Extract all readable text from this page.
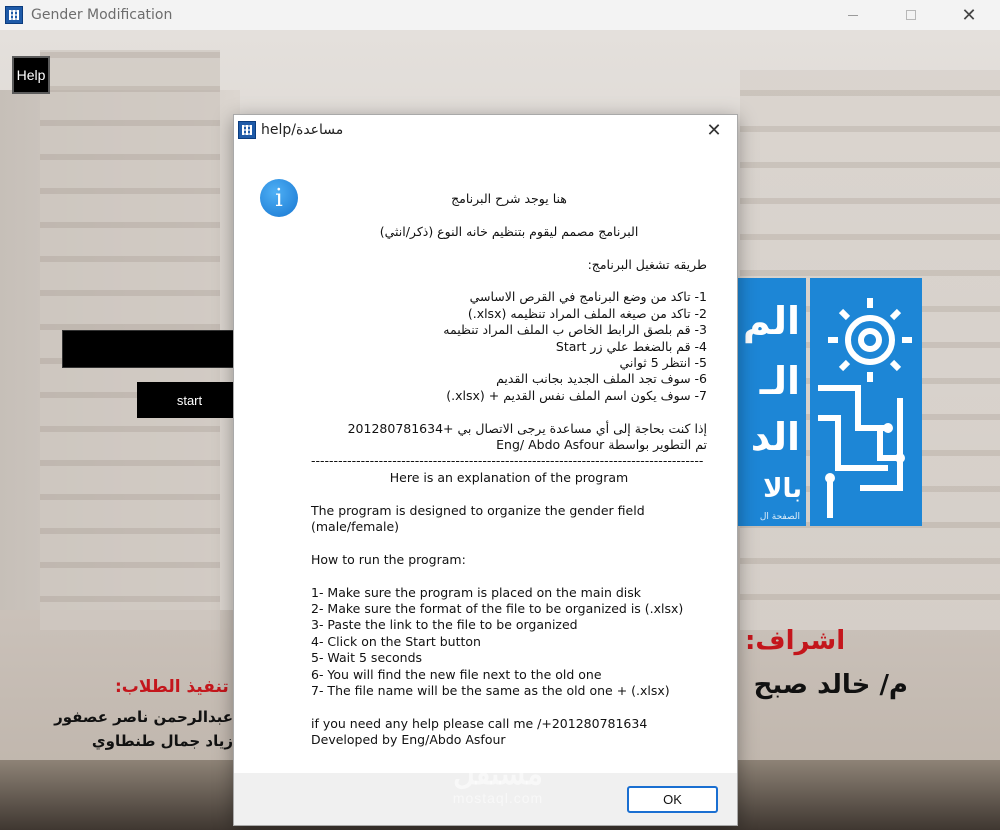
Gender Modification	✕
Help
start
الم
الـ
الد
بالا
الصفحة ال
اشراف:
م/ خالد صبح
تنفيذ الطلاب:
عبدالرحمن ناصر عصفور
زياد جمال طنطاوي
help/مساعدة	✕
i	هنا يوجد شرح البرنامج
البرنامج مصمم ليقوم بتنظيم خانه النوع (ذكر/انثي)
طريقه تشغيل البرنامج:
1- تاكد من وضع البرنامج في القرص الاساسي
2- تاكد من صيغه الملف المراد تنظيمه (xlsx.)
3- قم بلصق الرابط الخاص ب الملف المراد تنظيمه
4- قم بالضغط علي زر Start
5- انتظر 5 ثواني
6- سوف تجد الملف الجديد بجانب القديم
7- سوف يكون اسم الملف نفس القديم + (xlsx.)
إذا كنت بحاجة إلى أي مساعدة يرجى الاتصال بي +201280781634
تم التطوير بواسطة Eng/ Abdo Asfour
---------------------------------------------------------------------------------------
Here is an explanation of the program
The program is designed to organize the gender field
(male/female)
How to run the program:
1- Make sure the program is placed on the main disk
2- Make sure the format of the file to be organized is (.xlsx)
3- Paste the link to the file to be organized
4- Click on the Start button
5- Wait 5 seconds
6- You will find the new file next to the old one
7- The file name will be the same as the old one + (.xlsx)
if you need any help please call me /+201280781634
Developed by Eng/Abdo Asfour
OK
مستقل
mostaql.com
